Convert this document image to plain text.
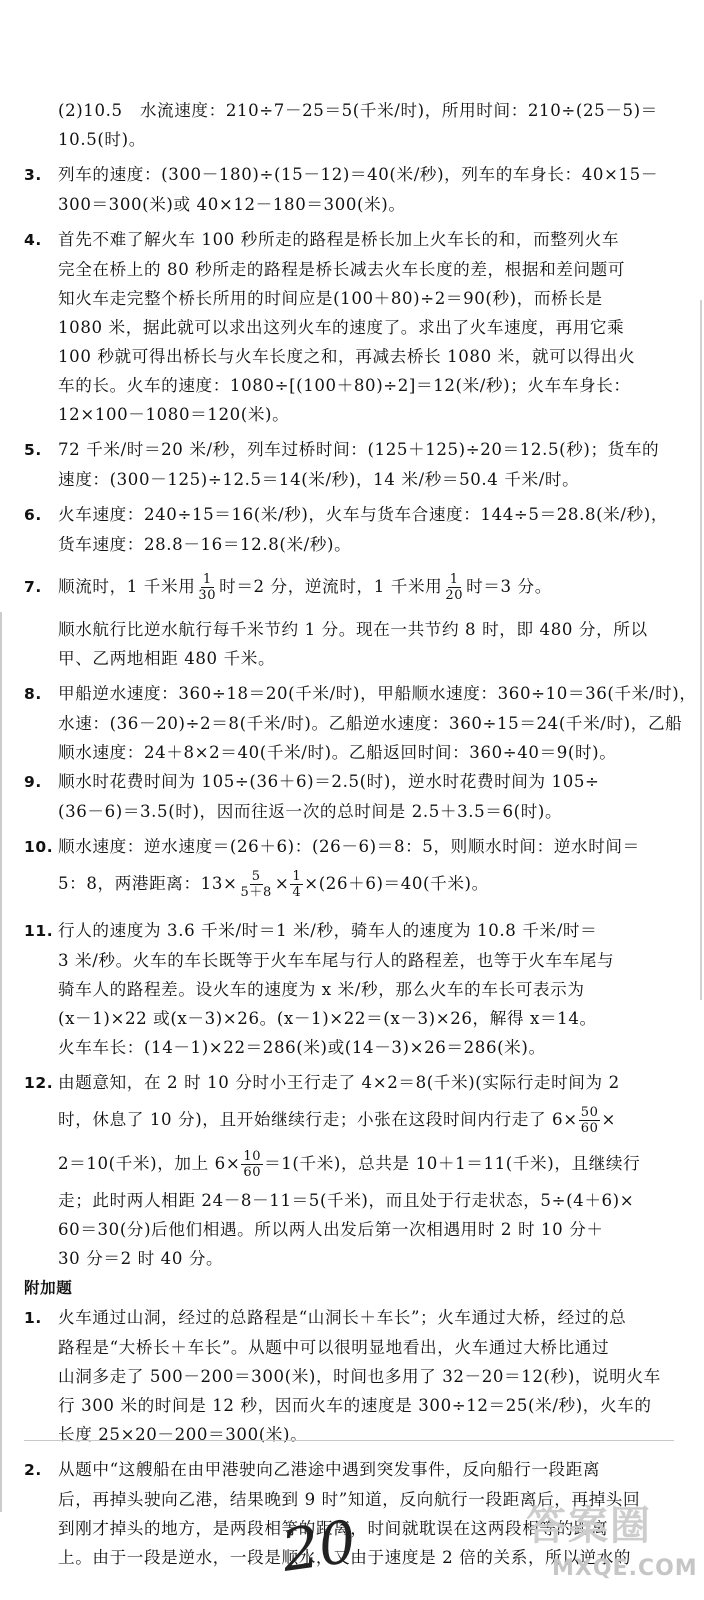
(2)10.5　水流速度：210÷7－25＝5(千米/时)，所用时间：210÷(25－5)＝
10.5(时)。
3. 列车的速度：(300－180)÷(15－12)＝40(米/秒)，列车的车身长：40×15－
300＝300(米)或 40×12－180＝300(米)。
4. 首先不难了解火车 100 秒所走的路程是桥长加上火车长的和，而整列火车
完全在桥上的 80 秒所走的路程是桥长减去火车长度的差，根据和差问题可
知火车走完整个桥长所用的时间应是(100＋80)÷2＝90(秒)，而桥长是
1080 米，据此就可以求出这列火车的速度了。求出了火车速度，再用它乘
100 秒就可得出桥长与火车长度之和，再减去桥长 1080 米，就可以得出火
车的长。火车的速度：1080÷[(100＋80)÷2]＝12(米/秒)；火车车身长：
12×100－1080＝120(米)。
5. 72 千米/时＝20 米/秒，列车过桥时间：(125＋125)÷20＝12.5(秒)；货车的
速度：(300－125)÷12.5＝14(米/秒)，14 米/秒＝50.4 千米/时。
6. 火车速度：240÷15＝16(米/秒)，火车与货车合速度：144÷5＝28.8(米/秒)，
货车速度：28.8－16＝12.8(米/秒)。
7. 顺流时，1 千米用 $\frac{1}{30}$ 时＝2 分，逆流时，1 千米用 $\frac{1}{20}$ 时＝3 分。
顺水航行比逆水航行每千米节约 1 分。现在一共节约 8 时，即 480 分，所以
甲、乙两地相距 480 千米。
8. 甲船逆水速度：360÷18＝20(千米/时)，甲船顺水速度：360÷10＝36(千米/时)，
水速：(36－20)÷2＝8(千米/时)。乙船逆水速度：360÷15＝24(千米/时)，乙船
顺水速度：24＋8×2＝40(千米/时)。乙船返回时间：360÷40＝9(时)。
9. 顺水时花费时间为 105÷(36＋6)＝2.5(时)，逆水时花费时间为 105÷
(36－6)＝3.5(时)，因而往返一次的总时间是 2.5＋3.5＝6(时)。
10. 顺水速度：逆水速度＝(26＋6)：(26－6)＝8：5，则顺水时间：逆水时间＝
5：8，两港距离：$13\times \frac{5}{5+8} \times \frac{1}{4} \times(26+6)=40$(千米)。
11. 行人的速度为 3.6 千米/时＝1 米/秒，骑车人的速度为 10.8 千米/时＝
3 米/秒。火车的车长既等于火车车尾与行人的路程差，也等于火车车尾与
骑车人的路程差。设火车的速度为 x 米/秒，那么火车的车长可表示为
(x－1)×22 或(x－3)×26。(x－1)×22＝(x－3)×26，解得 x＝14。
火车车长：(14－1)×22＝286(米)或(14－3)×26＝286(米)。
12. 由题意知，在 2 时 10 分时小王行走了 4×2＝8(千米)(实际行走时间为 2
时，休息了 10 分)，且开始继续行走；小张在这段时间内行走了 $6\times \frac{50}{60}$ ×
2＝10(千米)，加上 $6\times \frac{10}{60} =1$(千米)，总共是 10＋1＝11(千米)，且继续行
走；此时两人相距 24－8－11＝5(千米)，而且处于行走状态，5÷(4＋6)×
60＝30(分)后他们相遇。所以两人出发后第一次相遇用时 2 时 10 分＋
30 分＝2 时 40 分。
附加题
1. 火车通过山洞，经过的总路程是“山洞长＋车长”；火车通过大桥，经过的总
路程是“大桥长＋车长”。从题中可以很明显地看出，火车通过大桥比通过
山洞多走了 500－200＝300(米)，时间也多用了 32－20＝12(秒)，说明火车
行 300 米的时间是 12 秒，因而火车的速度是 300÷12＝25(米/秒)，火车的
长度 25×20－200＝300(米)。
2. 从题中“这艘船在由甲港驶向乙港途中遇到突发事件，反向船行一段距离
后，再掉头驶向乙港，结果晚到 9 时”知道，反向航行一段距离后，再掉头回
到刚才掉头的地方，是两段相等的距离，时间就耽误在这两段相等的距离
上。由于一段是逆水，一段是顺水，又由于速度是 2 倍的关系，所以逆水的
20	答案圈
MXQE.COM
